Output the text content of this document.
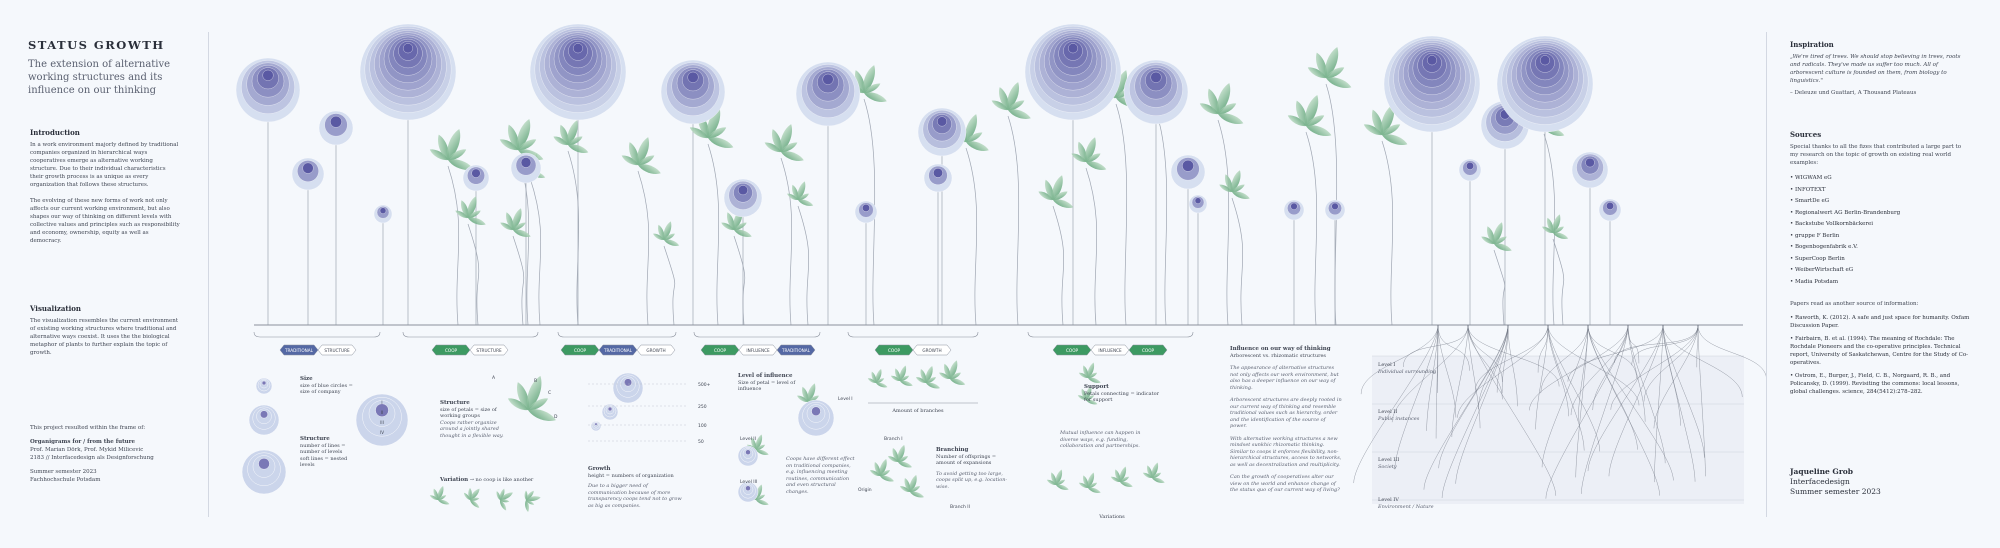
STATUS GROWTH
The extension of alternative working structures and its influence on our thinking

Introduction

In a work environment majorly defined by traditional companies organized in hierarchical ways cooperatives emerge as alternative working structure. Due to their individual characteristics their growth process is as unique as every organization that follows these structures.

The evolving of these new forms of work not only affects our current working environment, but also shapes our way of thinking on different levels with collective values and principles such as responsibility and economy, ownership, equity as well as democracy.

Visualization

The visualization resembles the current environment of existing working structures where traditional and alternative ways coexist. It uses the the biological metaphor of plants to further explain the topic of growth.

This project resulted within the frame of:

Organigrams for / from the future

Prof. Marian Dörk, Prof. Mykid Milicevic

2183 // Interfacedesign als Designforschung

Summer semester 2023

Fachhochschule Potsdam

TRADITIONAL	STRUCTURE	COOP	STRUCTURE	COOP	TRADITIONAL	GROWTH	COOP	INFLUENCE	TRADITIONAL	COOP	GROWTH	COOP	INFLUENCE	COOP
I
II
III
IV
A
B
C
D
500+
250
100
50
Level I
Level II
Level III
Branch I
Origin
Branch II
Size
size of blue circles = size of company
Structure
number of lines = number of levels
soft lines = nested levels
Structure
size of petals = size of working groups
Coops rather organize around a jointly shared thought in a flexible way.
Variation → no coop is like another
Growth
height = numbers of organization

Due to a bigger need of communication because of more transparency coops tend not to grow as big as companies.
Level of influence
Size of petal = level of influence
Coops have different effect on traditional companies, e.g. influencing meeting routines, communication and even structural changes.
Branching
Number of offsprings = amount of expansions

To avoid getting too large, coops split up, e.g. location-wise.
Amount of branches
Support
Petals connecting = indicator for support
Mutual influence can happen in diverse ways, e.g. funding, collaboration and partnerships.
Variations
Influence on our way of thinking
Arborescent vs. rhizomatic structures
The appearance of alternative structures not only affects our work environment, but also has a deeper influence on our way of thinking.
Arborescent structures are deeply rooted in our current way of thinking and resemble traditional values such as hierarchy, order and the identification of the source of power.
With alternative working structures a new mindset sunkhic rhizomatic thinking. Similar to coops it enforces flexibility, non-hierarchical structures, access to networks, as well as decentralization and multiplicity.
Can the growth of cooperatives alter our view on the world and enhance change of the status quo of our current way of living?
Level I
Individual surrounding
Level II
Public instances
Level III
Society
Level IV
Environment / Nature

Inspiration

„We're tired of trees. We should stop believing in trees, roots and radicals. They've made us suffer too much. All of arborescent culture is founded on them, from biology to linguistics."

– Deleuze und Guattari, A Thousand Plateaus

Sources

Special thanks to all the fizes that contributed a large part to my research on the topic of growth on existing real world examples:

• WIGWAM eG
• INFOTEXT
• SmartDe eG
• Regionalwert AG Berlin-Brandenburg
• Backstube Vollkornbäckerei
• gruppe F Berlin
• Bogenbogenfabrik e.V.
• SuperCoop Berlin
• WeiberWirtschaft eG
• Madia Potsdam

Papers read as another source of information:

• Raworth, K. (2012). A safe and just space for humanity. Oxfam Discussion Paper.
• Fairbairn, B. et al. (1994). The meaning of Rochdale: The Rochdale Pioneers and the co-operative principles. Technical report, University of Saskatchewan, Centre for the Study of Co-operatives.
• Ostrom, E., Burger, J., Field, C. B., Norgaard, R. B., and Policansky, D. (1999). Revisiting the commons: local lessons, global challenges. science, 284(5412):278–282.

Jaqueline Grob

Interfacedesign

Summer semester 2023
